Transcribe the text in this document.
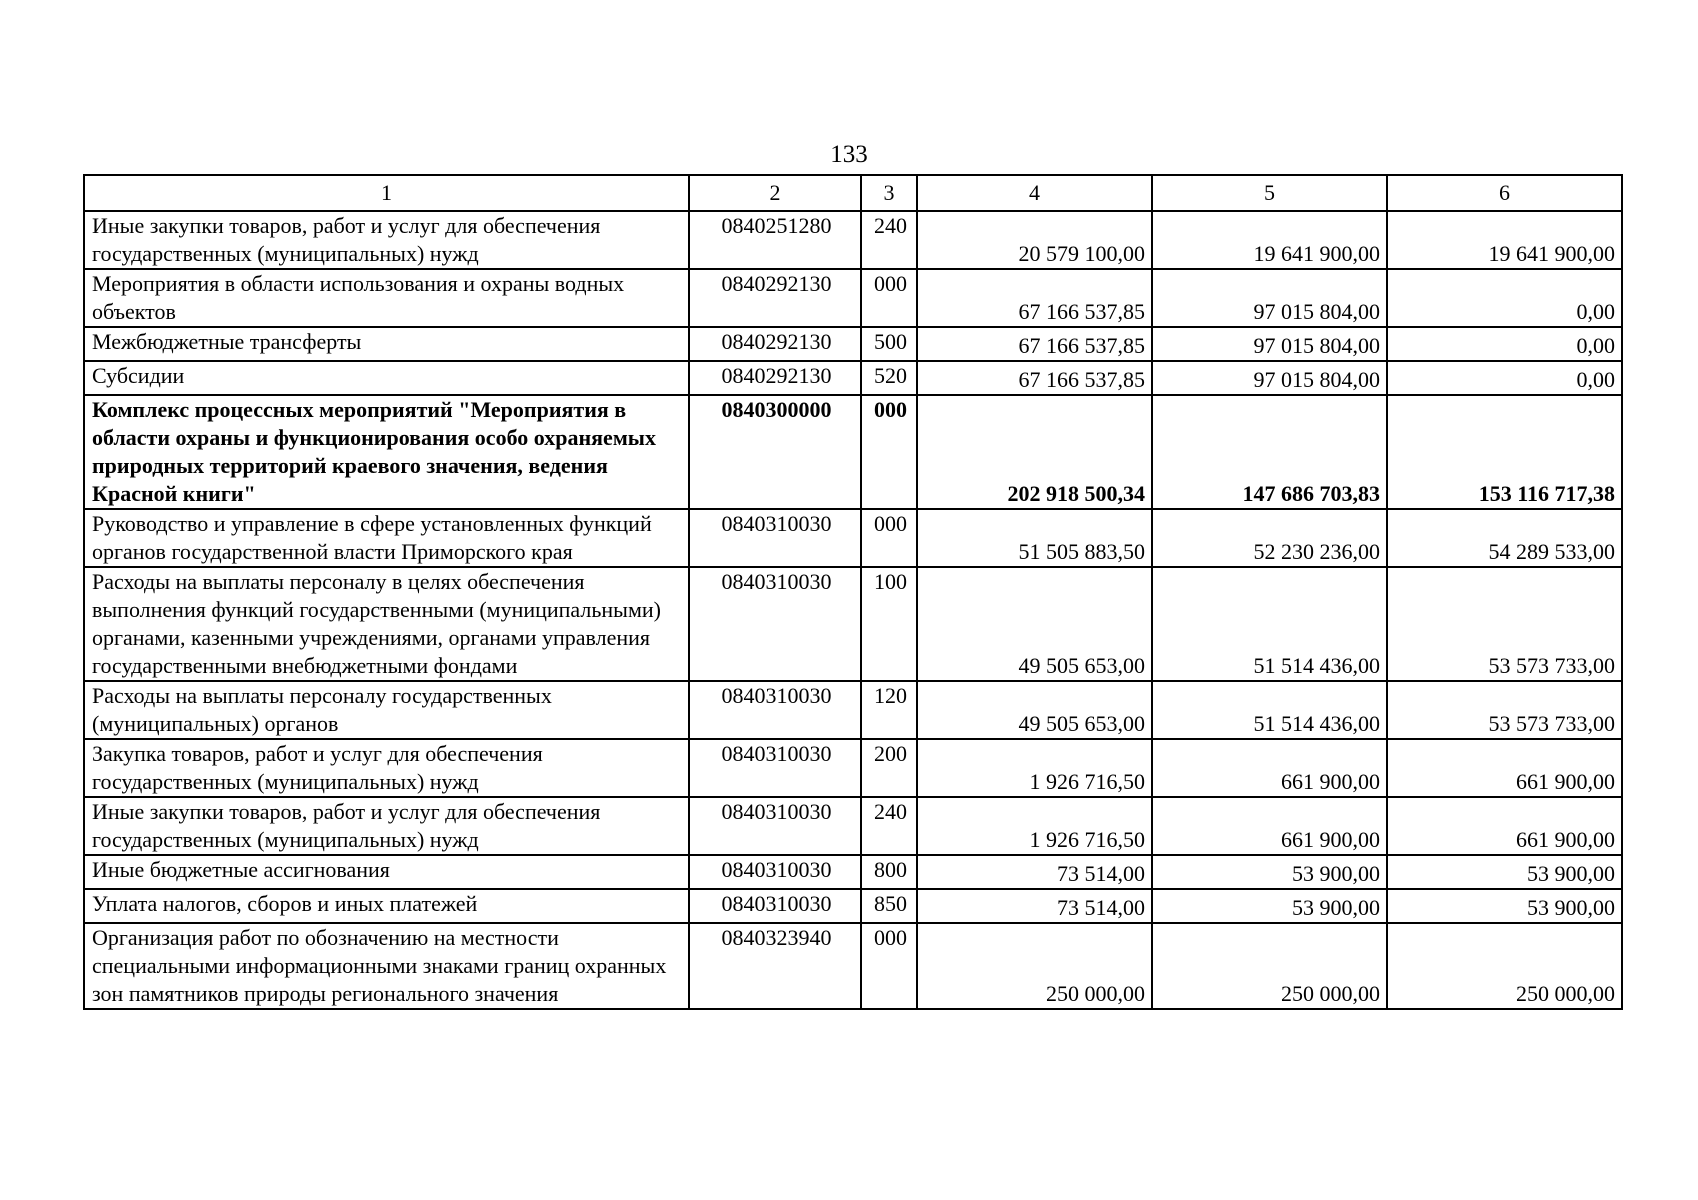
133
1	2	3	4	5	6
Иные закупки товаров, работ и услуг для обеспечения государственных (муниципальных) нужд	0840251280	240	20 579 100,00	19 641 900,00	19 641 900,00
Мероприятия в области использования и охраны водных объектов	0840292130	000	67 166 537,85	97 015 804,00	0,00
Межбюджетные трансферты	0840292130	500	67 166 537,85	97 015 804,00	0,00
Субсидии	0840292130	520	67 166 537,85	97 015 804,00	0,00
Комплекс процессных мероприятий "Мероприятия в области охраны и функционирования особо охраняемых природных территорий краевого значения, ведения Красной книги"	0840300000	000	202 918 500,34	147 686 703,83	153 116 717,38
Руководство и управление в сфере установленных функций органов государственной власти Приморского края	0840310030	000	51 505 883,50	52 230 236,00	54 289 533,00
Расходы на выплаты персоналу в целях обеспечения выполнения функций государственными (муниципальными) органами, казенными учреждениями, органами управления государственными внебюджетными фондами	0840310030	100	49 505 653,00	51 514 436,00	53 573 733,00
Расходы на выплаты персоналу государственных (муниципальных) органов	0840310030	120	49 505 653,00	51 514 436,00	53 573 733,00
Закупка товаров, работ и услуг для обеспечения государственных (муниципальных) нужд	0840310030	200	1 926 716,50	661 900,00	661 900,00
Иные закупки товаров, работ и услуг для обеспечения государственных (муниципальных) нужд	0840310030	240	1 926 716,50	661 900,00	661 900,00
Иные бюджетные ассигнования	0840310030	800	73 514,00	53 900,00	53 900,00
Уплата налогов, сборов и иных платежей	0840310030	850	73 514,00	53 900,00	53 900,00
Организация работ по обозначению на местности специальными информационными знаками границ охранных зон памятников природы регионального значения	0840323940	000	250 000,00	250 000,00	250 000,00
